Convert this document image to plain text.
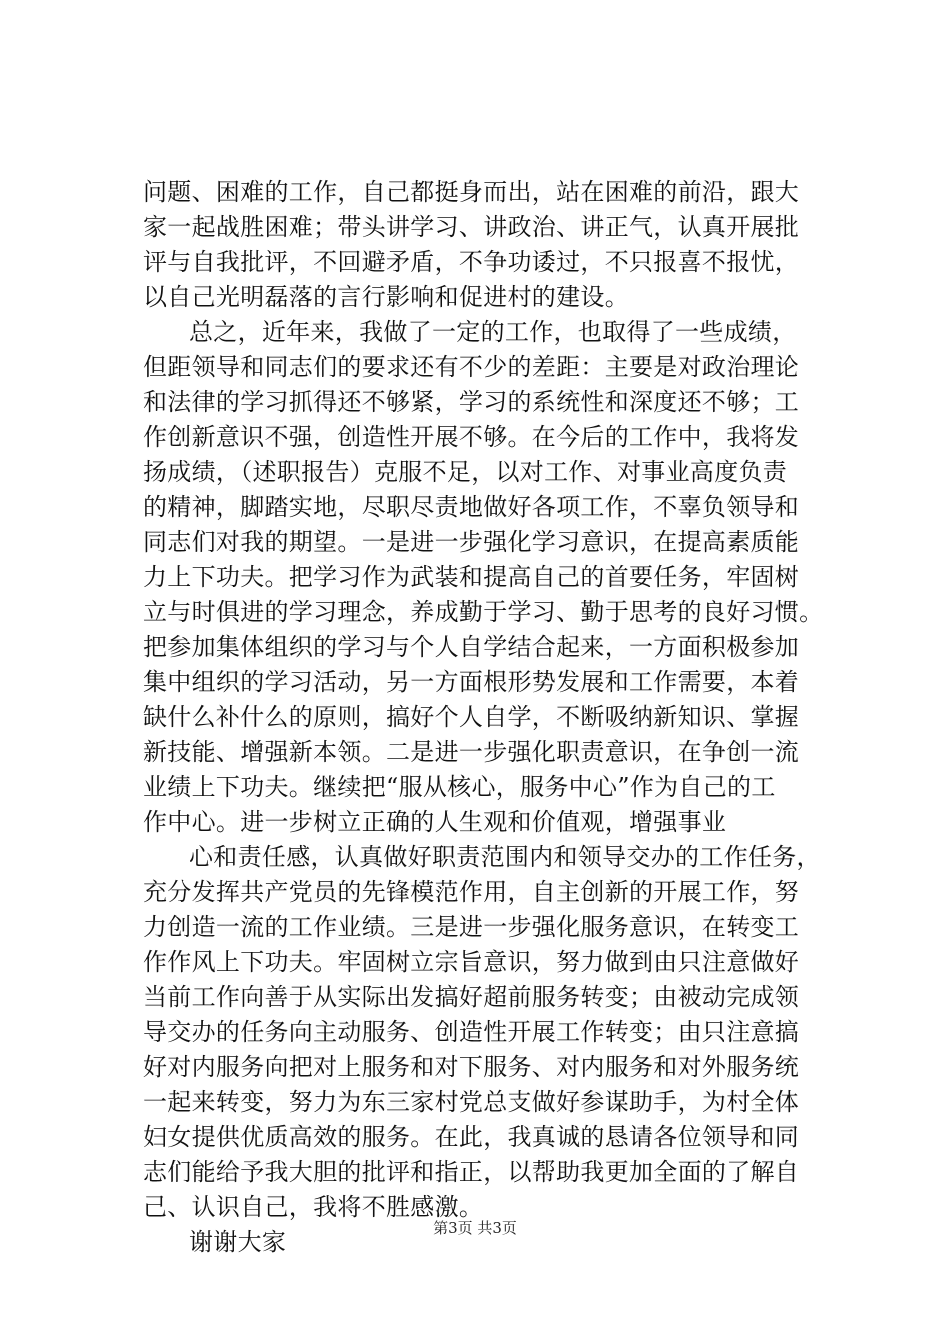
问题、困难的工作，自己都挺身而出，站在困难的前沿，跟大
家一起战胜困难；带头讲学习、讲政治、讲正气，认真开展批
评与自我批评，不回避矛盾，不争功诿过，不只报喜不报忧，
以自己光明磊落的言行影响和促进村的建设。
总之，近年来，我做了一定的工作，也取得了一些成绩，
但距领导和同志们的要求还有不少的差距：主要是对政治理论
和法律的学习抓得还不够紧，学习的系统性和深度还不够；工
作创新意识不强，创造性开展不够。在今后的工作中，我将发
扬成绩，（述职报告）克服不足，以对工作、对事业高度负责
的精神，脚踏实地，尽职尽责地做好各项工作，不辜负领导和
同志们对我的期望。一是进一步强化学习意识，在提高素质能
力上下功夫。把学习作为武装和提高自己的首要任务，牢固树
立与时俱进的学习理念，养成勤于学习、勤于思考的良好习惯。
把参加集体组织的学习与个人自学结合起来，一方面积极参加
集中组织的学习活动，另一方面根形势发展和工作需要，本着
缺什么补什么的原则，搞好个人自学，不断吸纳新知识、掌握
新技能、增强新本领。二是进一步强化职责意识，在争创一流
业绩上下功夫。继续把“服从核心，服务中心”作为自己的工
作中心。进一步树立正确的人生观和价值观，增强事业
心和责任感，认真做好职责范围内和领导交办的工作任务，
充分发挥共产党员的先锋模范作用，自主创新的开展工作，努
力创造一流的工作业绩。三是进一步强化服务意识，在转变工
作作风上下功夫。牢固树立宗旨意识，努力做到由只注意做好
当前工作向善于从实际出发搞好超前服务转变；由被动完成领
导交办的任务向主动服务、创造性开展工作转变；由只注意搞
好对内服务向把对上服务和对下服务、对内服务和对外服务统
一起来转变，努力为东三家村党总支做好参谋助手，为村全体
妇女提供优质高效的服务。在此，我真诚的恳请各位领导和同
志们能给予我大胆的批评和指正，以帮助我更加全面的了解自
己、认识自己，我将不胜感激。
谢谢大家	第3页 共3页
